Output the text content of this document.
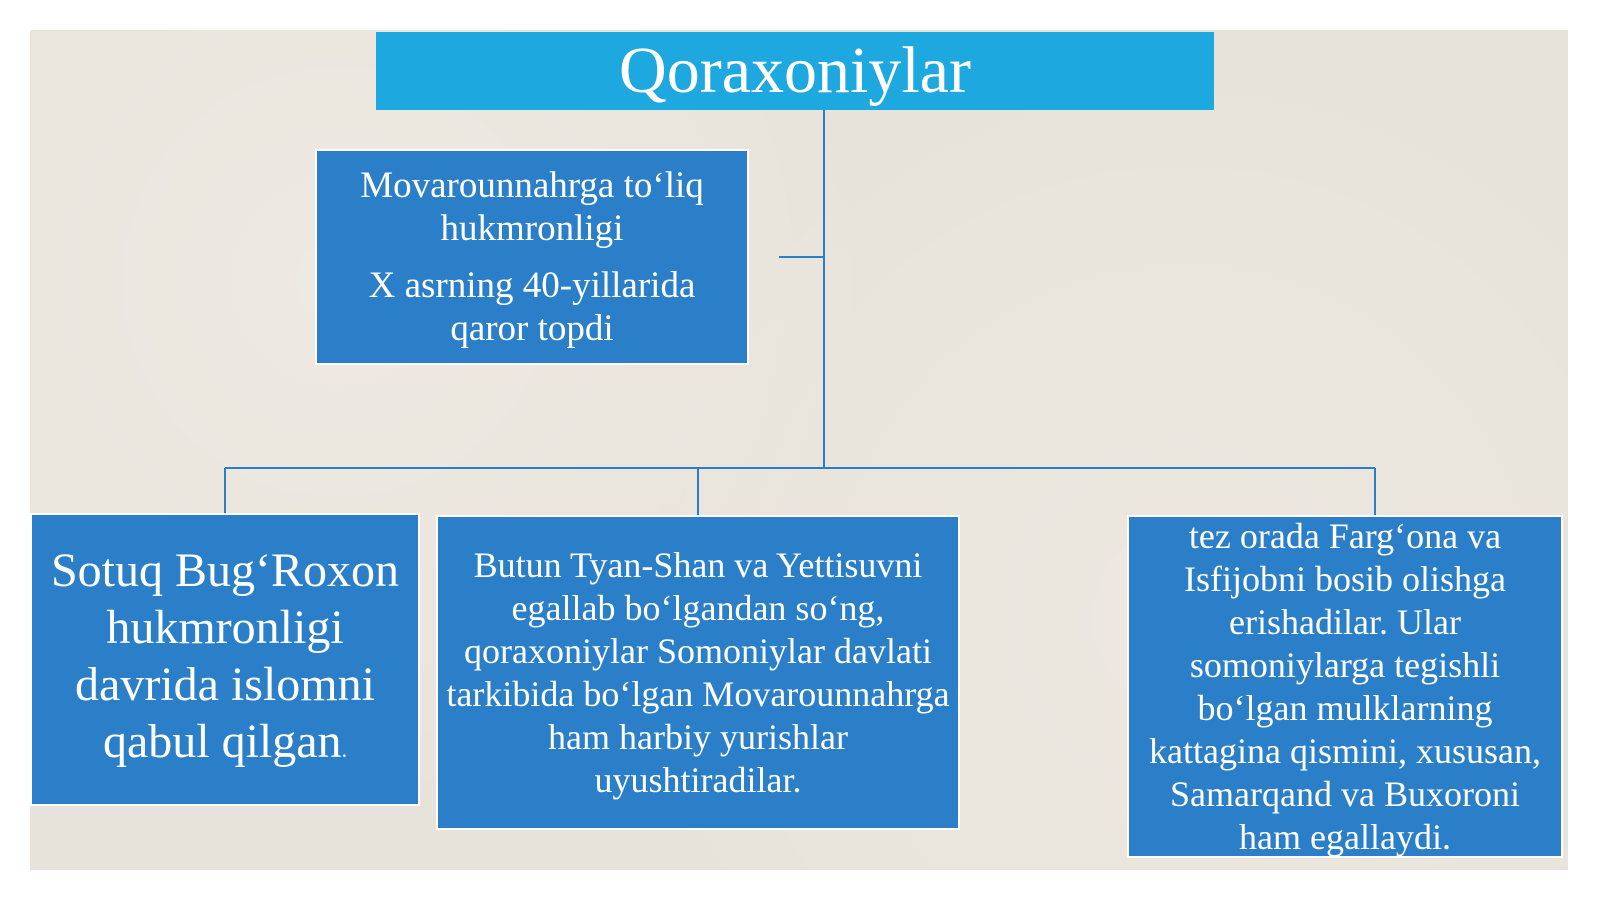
Qoraxoniylar
Movarounnahrga to‘liq hukmronligi
X asrning 40-yillarida qaror topdi
Sotuq Bug‘Roxon hukmronligi davrida islomni qabul qilgan.
Butun Tyan-Shan va Yettisuvni egallab bo‘lgandan so‘ng, qoraxoniylar Somoniylar davlati tarkibida bo‘lgan Movarounnahrga ham harbiy yurishlar uyushtiradilar.
tez orada Farg‘ona va Isfijobni bosib olishga erishadilar. Ular somoniylarga tegishli bo‘lgan mulklarning kattagina qismini, xususan, Samarqand va Buxoroni ham egallaydi.
